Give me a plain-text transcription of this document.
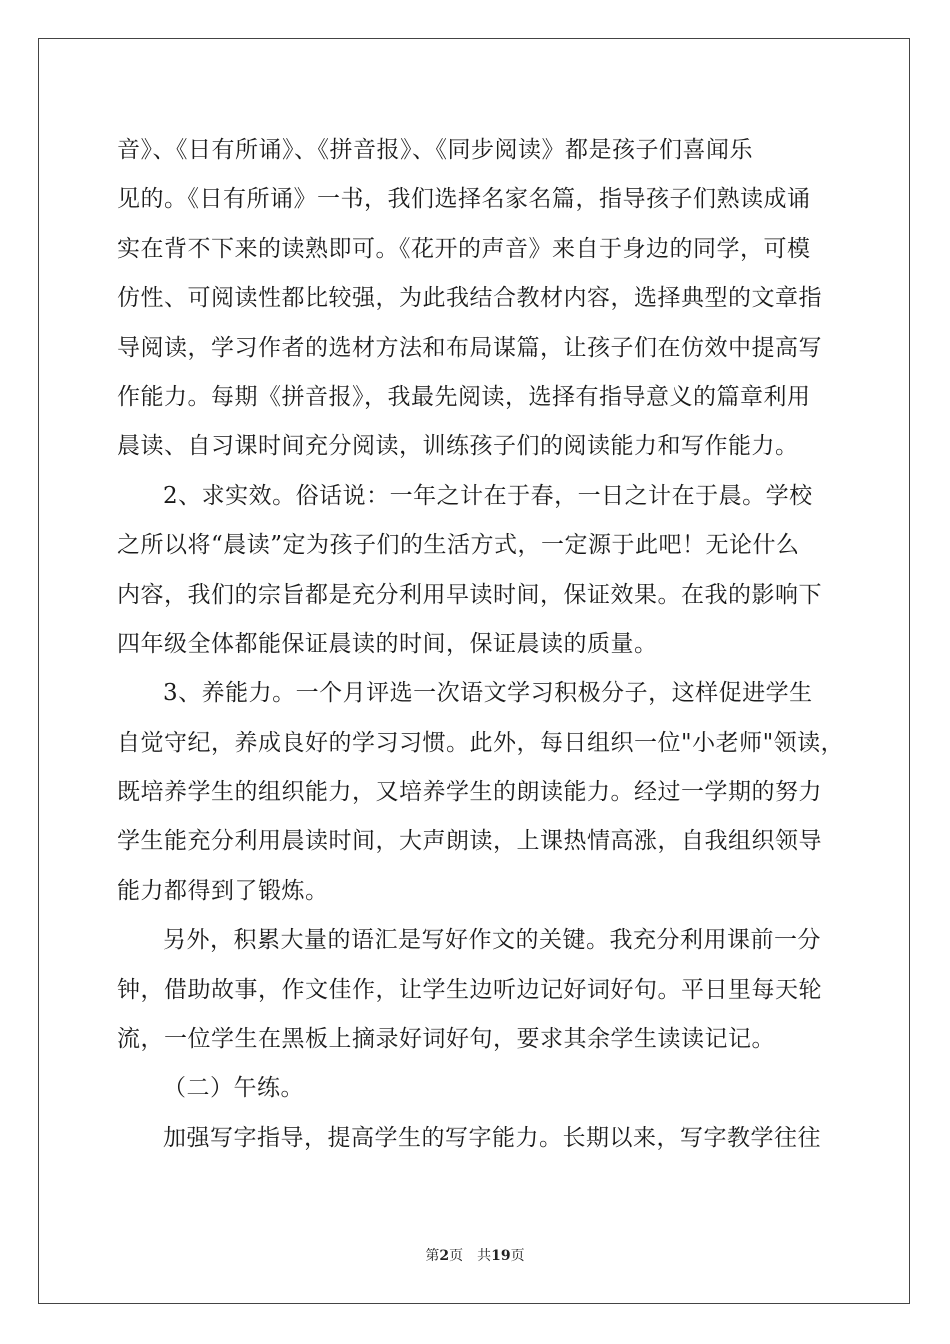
音》、《日有所诵》、《拼音报》、《同步阅读》都是孩子们喜闻乐
见的。《日有所诵》一书，我们选择名家名篇，指导孩子们熟读成诵
实在背不下来的读熟即可。《花开的声音》来自于身边的同学，可模
仿性、可阅读性都比较强，为此我结合教材内容，选择典型的文章指
导阅读，学习作者的选材方法和布局谋篇，让孩子们在仿效中提高写
作能力。每期《拼音报》，我最先阅读，选择有指导意义的篇章利用
晨读、自习课时间充分阅读，训练孩子们的阅读能力和写作能力。
2、求实效。俗话说：一年之计在于春，一日之计在于晨。学校
之所以将“晨读”定为孩子们的生活方式，一定源于此吧！无论什么
内容，我们的宗旨都是充分利用早读时间，保证效果。在我的影响下
四年级全体都能保证晨读的时间，保证晨读的质量。
3、养能力。一个月评选一次语文学习积极分子，这样促进学生
自觉守纪，养成良好的学习习惯。此外，每日组织一位"小老师"领读，
既培养学生的组织能力，又培养学生的朗读能力。经过一学期的努力
学生能充分利用晨读时间，大声朗读，上课热情高涨，自我组织领导
能力都得到了锻炼。
另外，积累大量的语汇是写好作文的关键。我充分利用课前一分
钟，借助故事，作文佳作，让学生边听边记好词好句。平日里每天轮
流，一位学生在黑板上摘录好词好句，要求其余学生读读记记。
（二）午练。
加强写字指导，提高学生的写字能力。长期以来，写字教学往往
第2页 共19页
